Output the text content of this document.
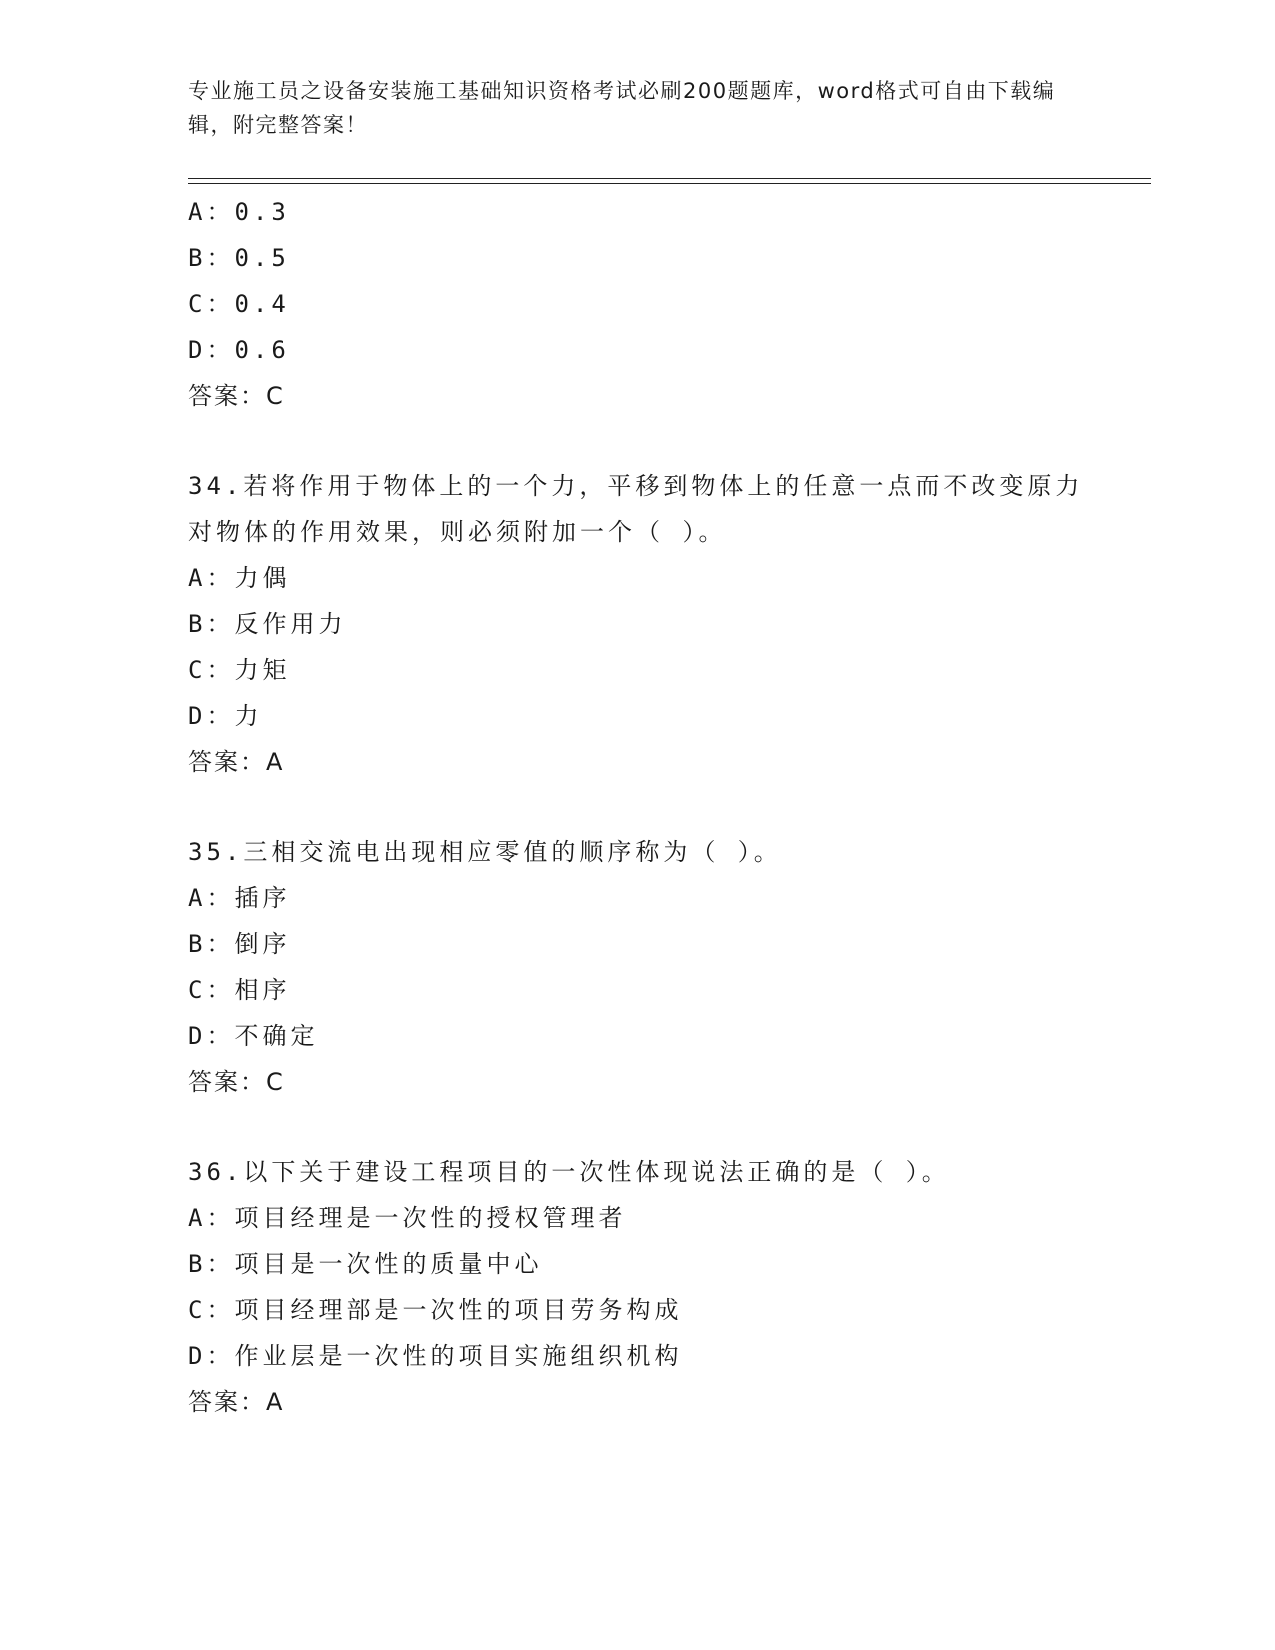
专业施工员之设备安装施工基础知识资格考试必刷200题题库，word格式可自由下载编辑，附完整答案！
A：0.3
B：0.5
C：0.4
D：0.6
答案：C
34.若将作用于物体上的一个力，平移到物体上的任意一点而不改变原力对物体的作用效果，则必须附加一个（ ）。
A：力偶
B：反作用力
C：力矩
D：力
答案：A
35.三相交流电出现相应零值的顺序称为（ ）。
A：插序
B：倒序
C：相序
D：不确定
答案：C
36.以下关于建设工程项目的一次性体现说法正确的是（ ）。
A：项目经理是一次性的授权管理者
B：项目是一次性的质量中心
C：项目经理部是一次性的项目劳务构成
D：作业层是一次性的项目实施组织机构
答案：A
